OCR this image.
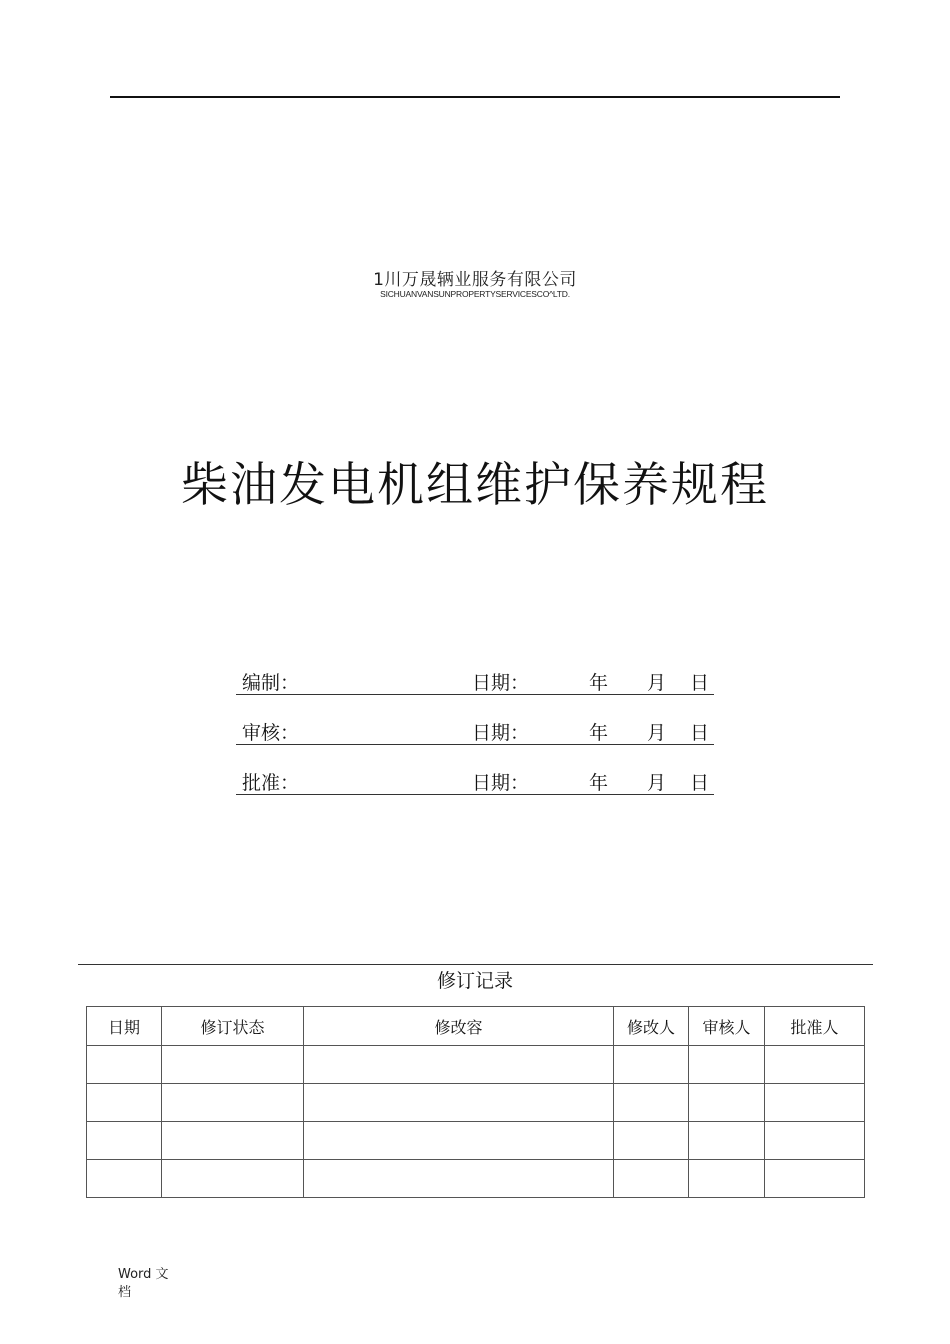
1川万晟辆业服务有限公司
SICHUANVANSUNPROPERTYSERVICESCO^LTD.
柴油发电机组维护保养规程
编制：	日期：	年 月 日
审核：	日期：	年 月 日
批准：	日期：	年 月 日
修订记录
日期	修订状态	修改容	修改人	审核人	批准人

Word 文
档
